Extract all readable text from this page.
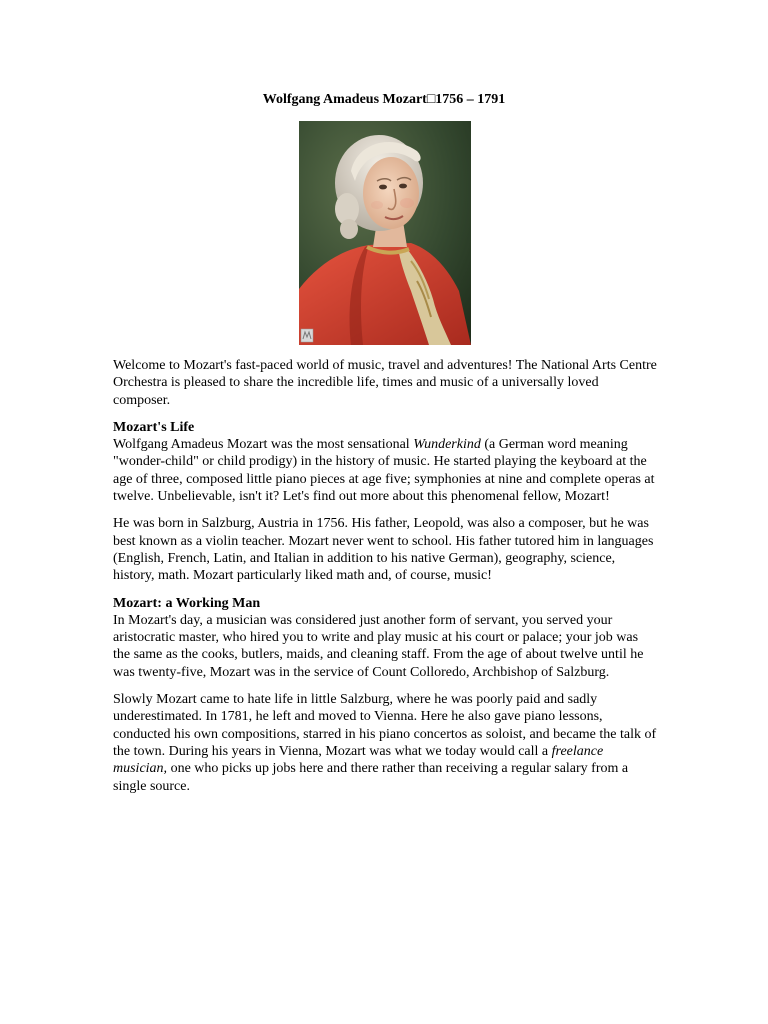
Wolfgang Amadeus Mozart□1756 – 1791

Welcome to Mozart's fast-paced world of music, travel and adventures! The National Arts Centre Orchestra is pleased to share the incredible life, times and music of a universally loved composer.

Mozart's Life

Wolfgang Amadeus Mozart was the most sensational Wunderkind (a German word meaning "wonder-child" or child prodigy) in the history of music. He started playing the keyboard at the age of three, composed little piano pieces at age five; symphonies at nine and complete operas at twelve. Unbelievable, isn't it? Let's find out more about this phenomenal fellow, Mozart!

He was born in Salzburg, Austria in 1756. His father, Leopold, was also a composer, but he was best known as a violin teacher. Mozart never went to school. His father tutored him in languages (English, French, Latin, and Italian in addition to his native German), geography, science, history, math. Mozart particularly liked math and, of course, music!

Mozart: a Working Man

In Mozart's day, a musician was considered just another form of servant, you served your aristocratic master, who hired you to write and play music at his court or palace; your job was the same as the cooks, butlers, maids, and cleaning staff. From the age of about twelve until he was twenty-five, Mozart was in the service of Count Colloredo, Archbishop of Salzburg.

Slowly Mozart came to hate life in little Salzburg, where he was poorly paid and sadly underestimated. In 1781, he left and moved to Vienna. Here he also gave piano lessons, conducted his own compositions, starred in his piano concertos as soloist, and became the talk of the town. During his years in Vienna, Mozart was what we today would call a freelance musician, one who picks up jobs here and there rather than receiving a regular salary from a single source.
